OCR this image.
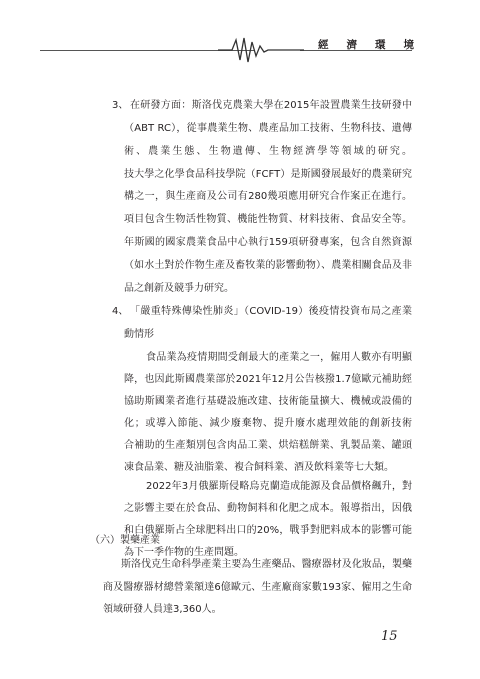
經 濟 環 境
3、 在研發方面：斯洛伐克農業大學在2015年設置農業生技研發中
（ABT RC），從事農業生物、農產品加工技術、生物科技、遺傳
術、農業生態、生物遺傳、生物經濟學等領域的研究。
技大學之化學食品科技學院（FCFT）是斯國發展最好的農業研究
構之一，與生產商及公司有280幾項應用研究合作案正在進行。
項目包含生物活性物質、機能性物質、材料技術、食品安全等。
年斯國的國家農業食品中心執行159項研發專案，包含自然資源
（如水土對於作物生產及畜牧業的影響動物）、農業相關食品及非
品之創新及競爭力研究。
4、 「嚴重特殊傳染性肺炎」（COVID-19）後疫情投資布局之產業
動情形
食品業為疫情期間受創最大的產業之一，僱用人數亦有明顯
降，也因此斯國農業部於2021年12月公告核撥1.7億歐元補助經
協助斯國業者進行基礎設施改建、技術能量擴大、機械或設備的
化；或導入節能、減少廢棄物、提升廢水處理效能的創新技術
合補助的生產類別包含肉品工業、烘焙糕餅業、乳製品業、罐頭
凍食品業、糖及油脂業、複合飼料業、酒及飲料業等七大類。
2022年3月俄羅斯侵略烏克蘭造成能源及食品價格飆升，對
之影響主要在於食品、動物飼料和化肥之成本。報導指出，因俄
和白俄羅斯占全球肥料出口的20%，戰爭對肥料成本的影響可能
為下一季作物的生產問題。
（六）製藥產業
斯洛伐克生命科學產業主要為生產藥品、醫療器材及化妝品，製藥
商及醫療器材總營業額達6億歐元、生產廠商家數193家、僱用之生命
領域研發人員達3,360人。
15
